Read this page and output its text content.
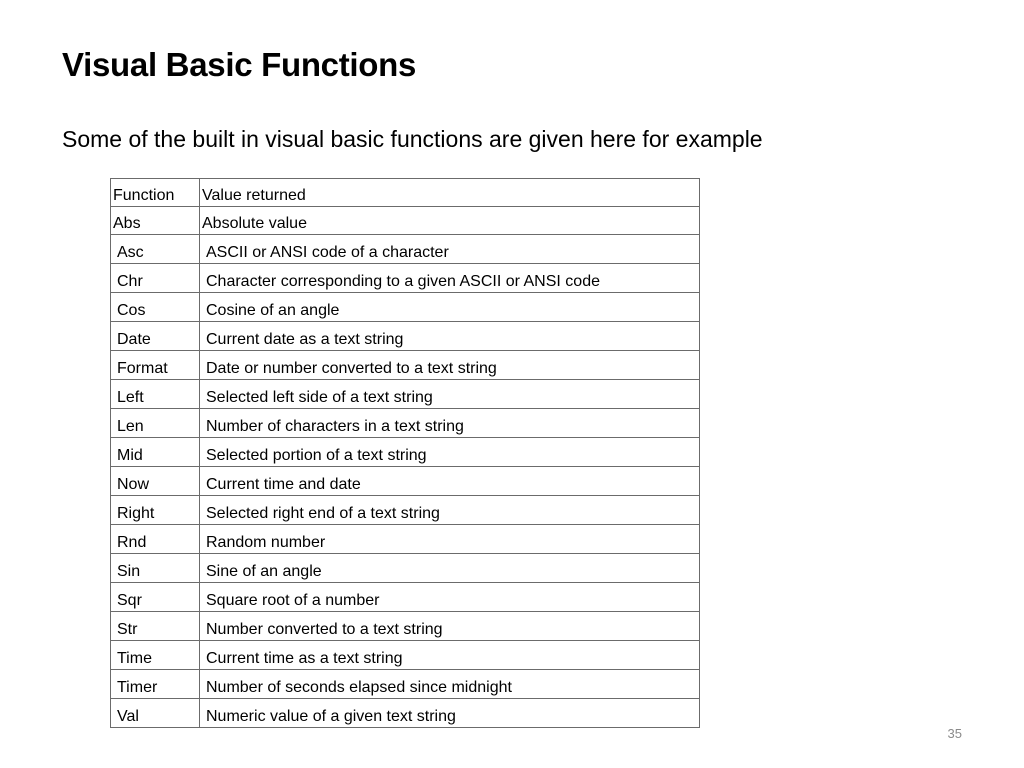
Visual Basic Functions

Some of the built in visual basic functions are given here for example

Function	Value returned
Abs	Absolute value
Asc	ASCII or ANSI code of a character
Chr	Character corresponding to a given ASCII or ANSI code
Cos	Cosine of an angle
Date	Current date as a text string
Format	Date or number converted to a text string
Left	Selected left side of a text string
Len	Number of characters in a text string
Mid	Selected portion of a text string
Now	Current time and date
Right	Selected right end of a text string
Rnd	Random number
Sin	Sine of an angle
Sqr	Square root of a number
Str	Number converted to a text string
Time	Current time as a text string
Timer	Number of seconds elapsed since midnight
Val	Numeric value of a given text string
35
